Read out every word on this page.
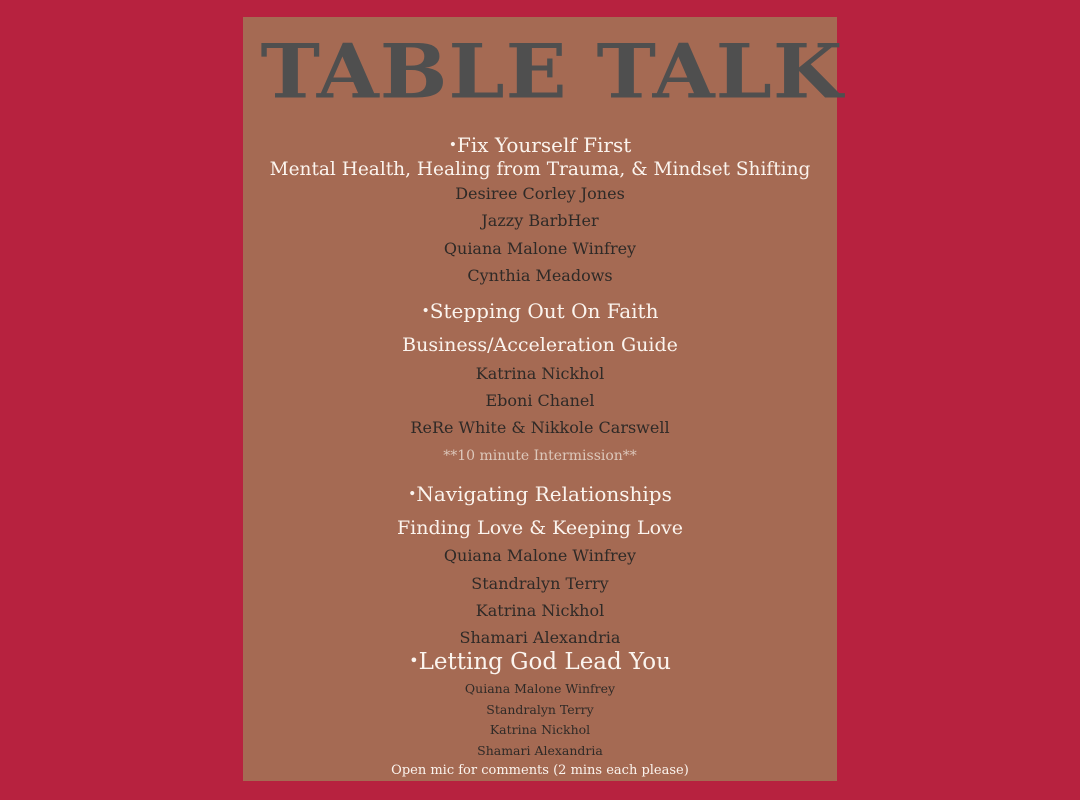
TABLE TALK
•Fix Yourself First
Mental Health, Healing from Trauma, & Mindset Shifting
Desiree Corley Jones
Jazzy BarbHer
Quiana Malone Winfrey
Cynthia Meadows
•Stepping Out On Faith
Business/Acceleration Guide
Katrina Nickhol
Eboni Chanel
ReRe White & Nikkole Carswell
**10 minute Intermission**
•Navigating Relationships
Finding Love & Keeping Love
Quiana Malone Winfrey
Standralyn Terry
Katrina Nickhol
Shamari Alexandria
•Letting God Lead You
Quiana Malone Winfrey
Standralyn Terry
Katrina Nickhol
Shamari Alexandria
Open mic for comments (2 mins each please)
